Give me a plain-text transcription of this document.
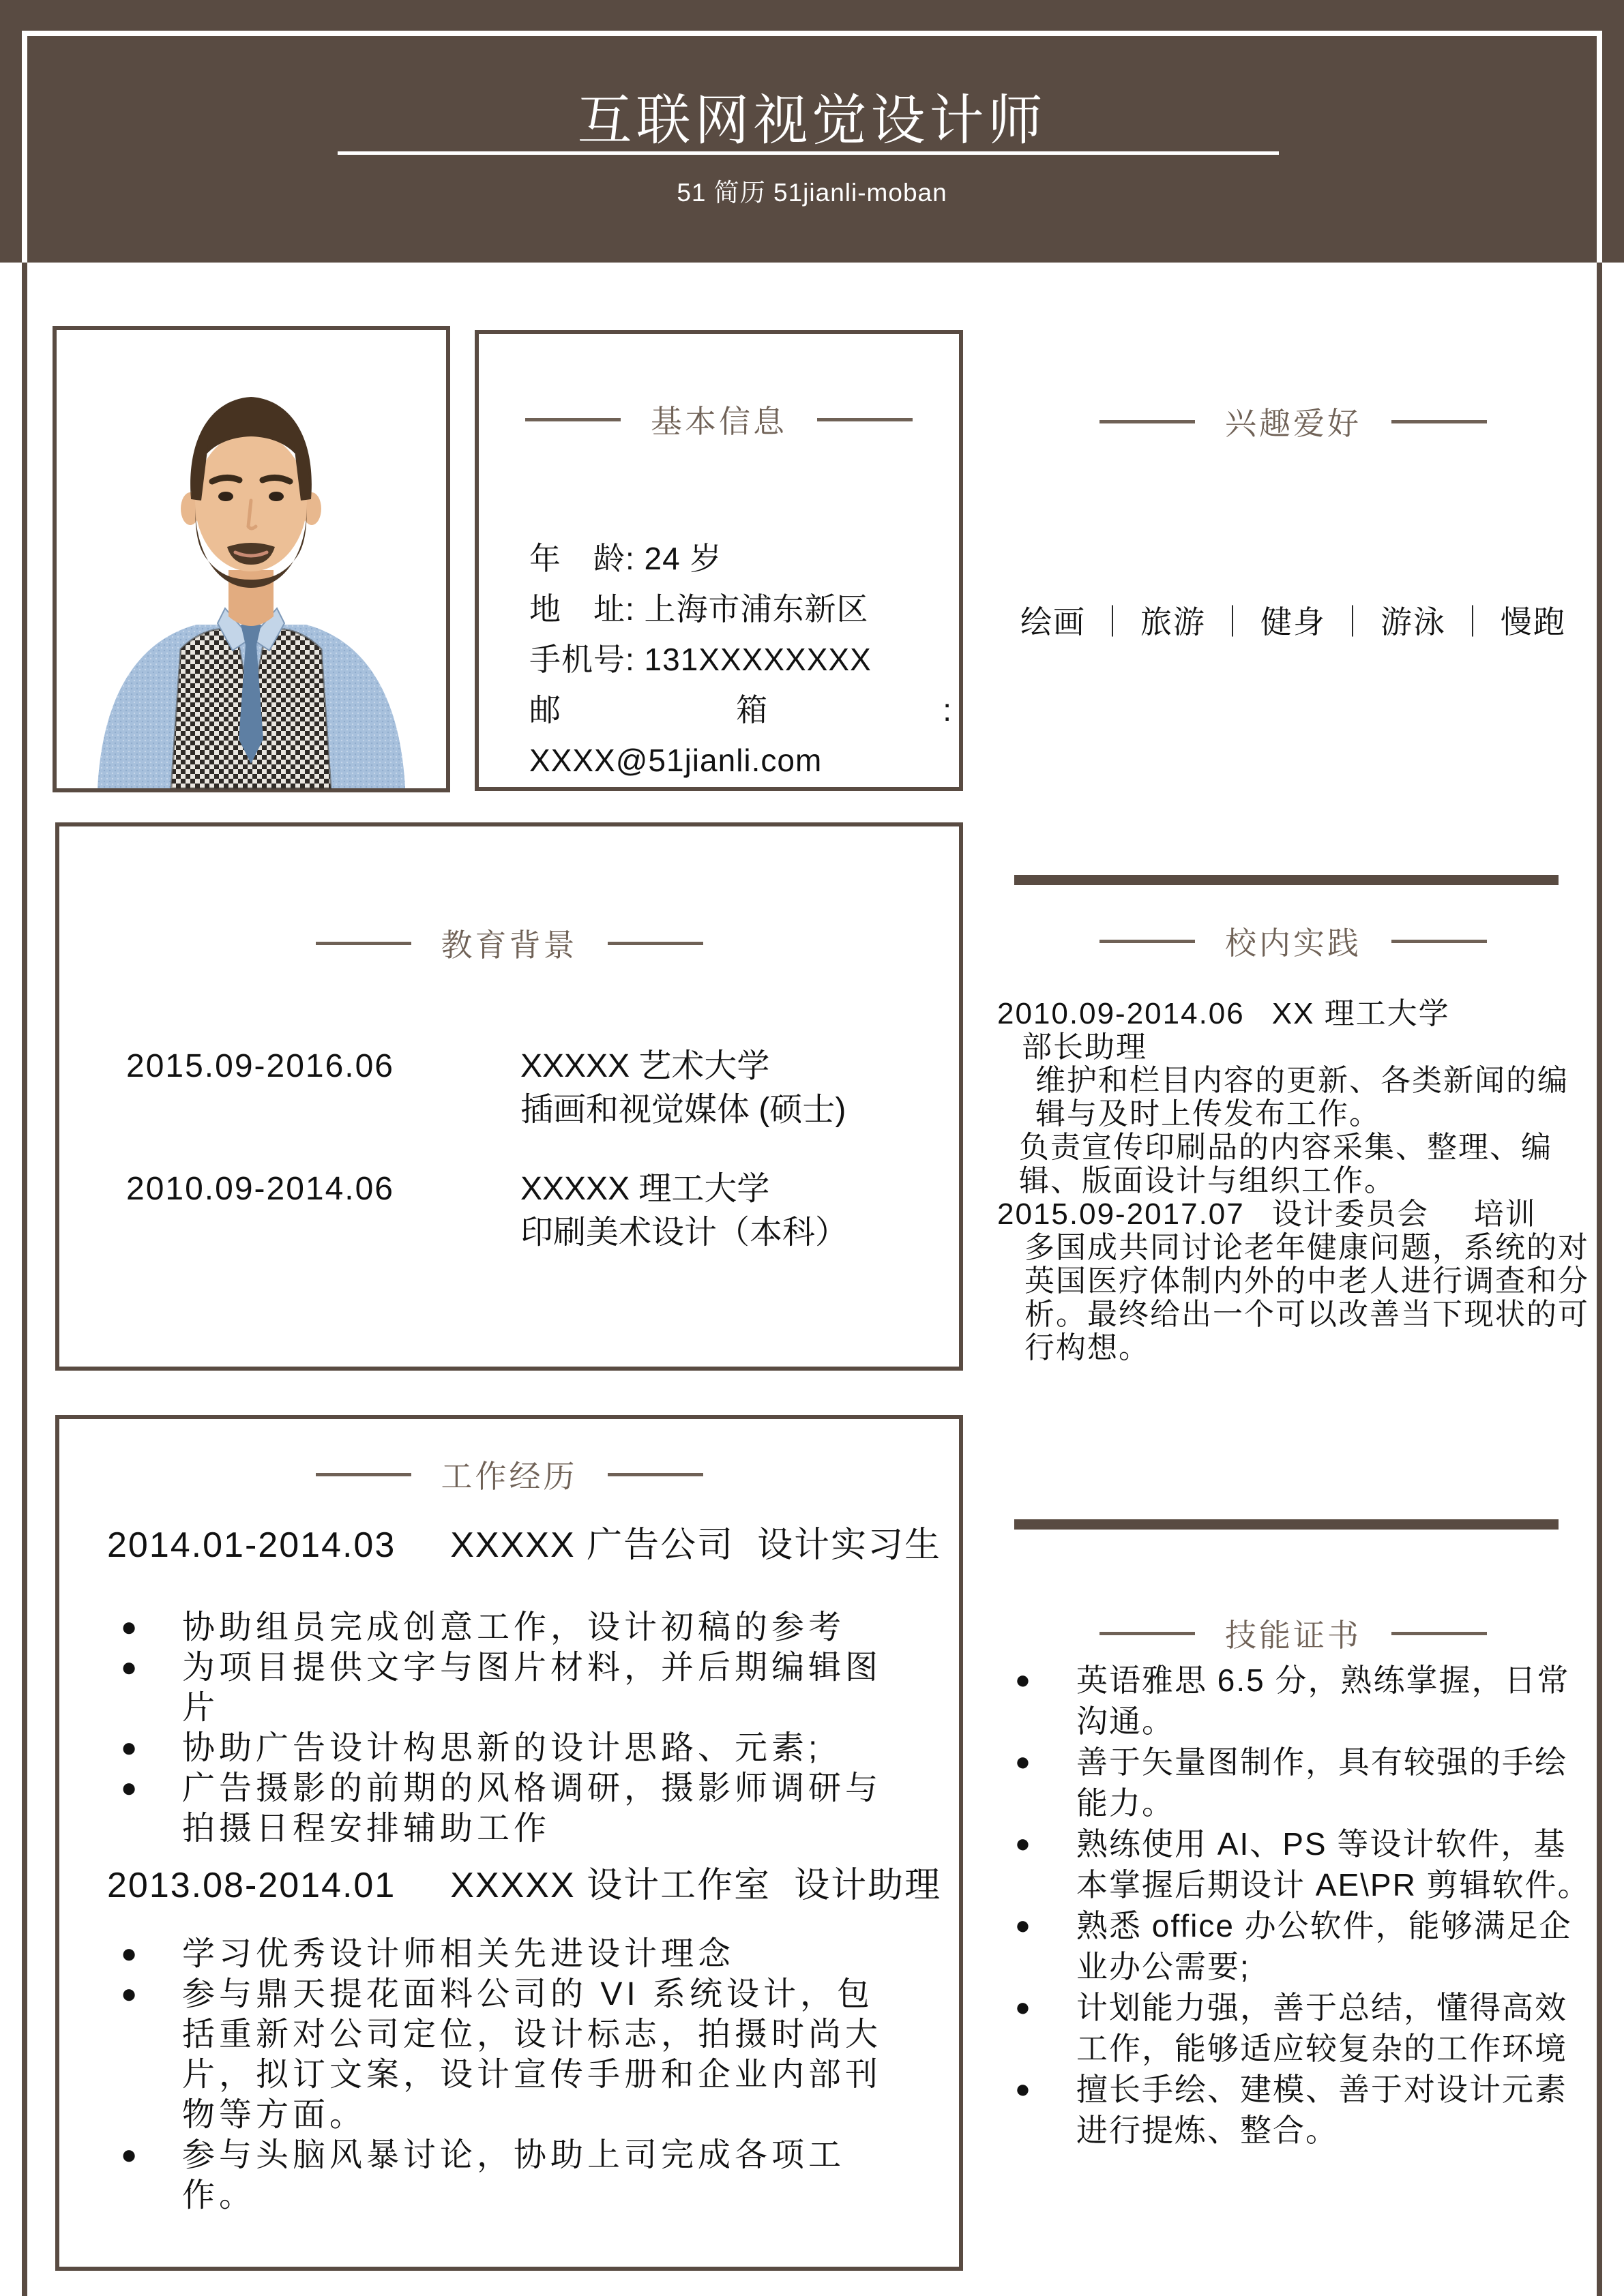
互联网视觉设计师
51 简历 51jianli-moban
基本信息
年　龄: 24 岁
地　址: 上海市浦东新区
手机号: 131XXXXXXXX
邮	箱	:
XXXX@51jianli.com
兴趣爱好
绘画 ｜ 旅游 ｜ 健身 ｜ 游泳 ｜ 慢跑
教育背景
2015.09-2016.06	XXXXX 艺术大学
插画和视觉媒体 (硕士)
2010.09-2014.06	XXXXX 理工大学
印刷美术设计（本科）
校内实践

2010.09-2014.06 XX 理工大学

部长助理

维护和栏目内容的更新、各类新闻的编辑与及时上传发布工作。

负责宣传印刷品的内容采集、整理、编辑、版面设计与组织工作。

2015.09-2017.07 设计委员会 培训

多国成共同讨论老年健康问题，系统的对英国医疗体制内外的中老人进行调查和分析。最终给出一个可以改善当下现状的可行构想。

技能证书
●	英语雅思 6.5 分，熟练掌握，日常沟通。
●	善于矢量图制作，具有较强的手绘能力。
●	熟练使用 AI、PS 等设计软件，基本掌握后期设计 AE\PR 剪辑软件。
●	熟悉 office 办公软件，能够满足企业办公需要;
●	计划能力强，善于总结，懂得高效工作，能够适应较复杂的工作环境
●	擅长手绘、建模、善于对设计元素进行提炼、整合。
工作经历
2014.01-2014.03 XXXXX 广告公司 设计实习生
●	协助组员完成创意工作，设计初稿的参考
●	为项目提供文字与图片材料，并后期编辑图片
●	协助广告设计构思新的设计思路、元素;
●	广告摄影的前期的风格调研，摄影师调研与拍摄日程安排辅助工作
2013.08-2014.01 XXXXX 设计工作室 设计助理
●	学习优秀设计师相关先进设计理念
●	参与鼎天提花面料公司的 VI 系统设计，包括重新对公司定位，设计标志，拍摄时尚大片，拟订文案，设计宣传手册和企业内部刊物等方面。
●	参与头脑风暴讨论，协助上司完成各项工作。
